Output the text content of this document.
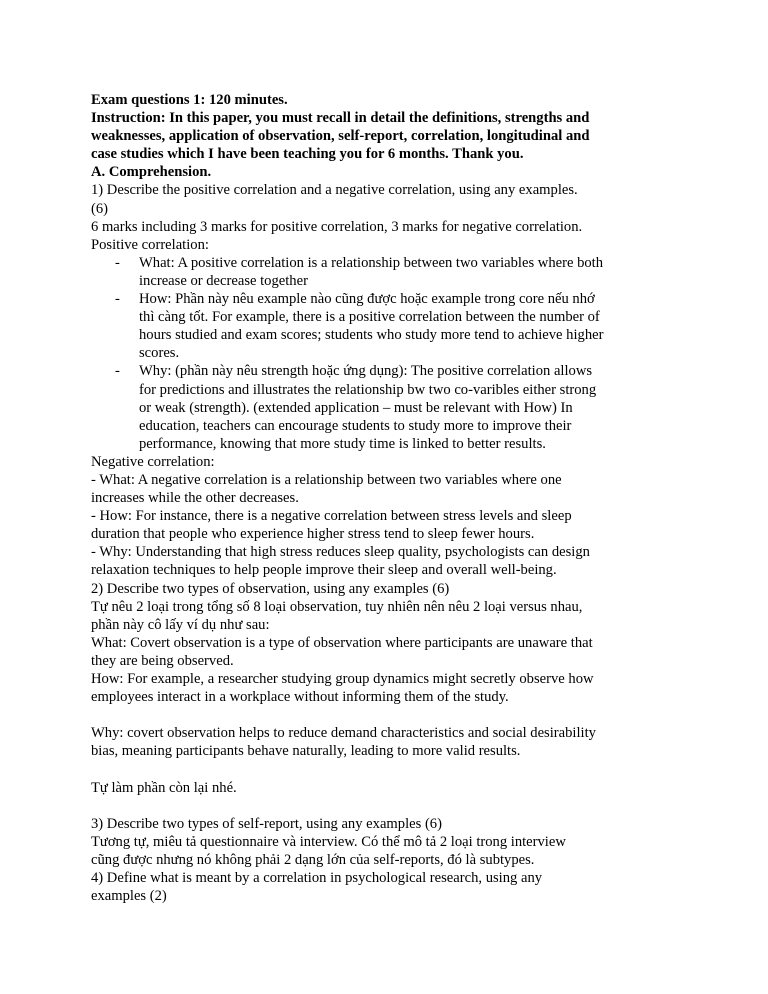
Exam questions 1: 120 minutes.
Instruction: In this paper, you must recall in detail the definitions, strengths and
weaknesses, application of observation, self-report, correlation, longitudinal and
case studies which I have been teaching you for 6 months. Thank you.
A. Comprehension.
1) Describe the positive correlation and a negative correlation, using any examples.
(6)
6 marks including 3 marks for positive correlation, 3 marks for negative correlation.
Positive correlation:
- What: A positive correlation is a relationship between two variables where both
increase or decrease together
- How: Phần này nêu example nào cũng được hoặc example trong core nếu nhớ
thì càng tốt. For example, there is a positive correlation between the number of
hours studied and exam scores; students who study more tend to achieve higher
scores.
- Why: (phần này nêu strength hoặc ứng dụng): The positive correlation allows
for predictions and illustrates the relationship bw two co-varibles either strong
or weak (strength). (extended application – must be relevant with How) In
education, teachers can encourage students to study more to improve their
performance, knowing that more study time is linked to better results.
Negative correlation:
- What: A negative correlation is a relationship between two variables where one
increases while the other decreases.
- How: For instance, there is a negative correlation between stress levels and sleep
duration that people who experience higher stress tend to sleep fewer hours.
- Why: Understanding that high stress reduces sleep quality, psychologists can design
relaxation techniques to help people improve their sleep and overall well-being.
2) Describe two types of observation, using any examples (6)
Tự nêu 2 loại trong tổng số 8 loại observation, tuy nhiên nên nêu 2 loại versus nhau,
phần này cô lấy ví dụ như sau:
What: Covert observation is a type of observation where participants are unaware that
they are being observed.
How: For example, a researcher studying group dynamics might secretly observe how
employees interact in a workplace without informing them of the study.
Why: covert observation helps to reduce demand characteristics and social desirability
bias, meaning participants behave naturally, leading to more valid results.
Tự làm phần còn lại nhé.
3) Describe two types of self-report, using any examples (6)
Tương tự, miêu tả questionnaire và interview. Có thể mô tả 2 loại trong interview
cũng được nhưng nó không phải 2 dạng lớn của self-reports, đó là subtypes.
4) Define what is meant by a correlation in psychological research, using any
examples (2)
